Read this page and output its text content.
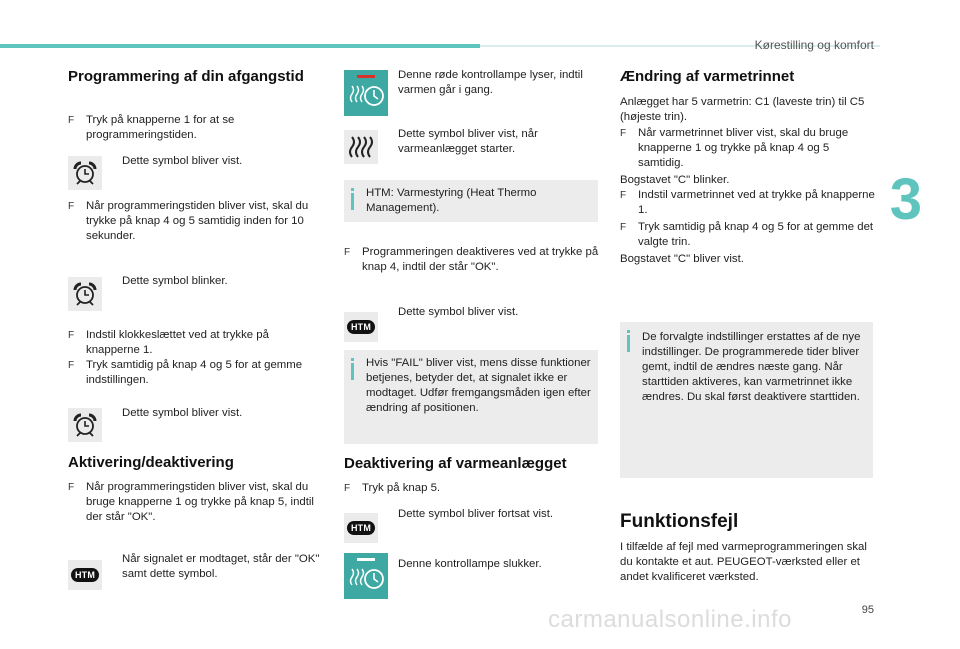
Kørestilling og komfort
3
95
carmanualsonline.info
Programmering af din afgangstid
F Tryk på knapperne 1 for at se programmeringstiden.
Dette symbol bliver vist.
F Når programmeringstiden bliver vist, skal du trykke på knap 4 og 5 samtidig inden for 10 sekunder.
Dette symbol blinker.
F Indstil klokkeslættet ved at trykke på knapperne 1.
F Tryk samtidig på knap 4 og 5 for at gemme indstillingen.
Dette symbol bliver vist.
Aktivering/deaktivering
F Når programmeringstiden bliver vist, skal du bruge knapperne 1 og trykke på knap 5, indtil der står "OK".
HTM
Når signalet er modtaget, står der "OK" samt dette symbol.
Denne røde kontrollampe lyser, indtil varmen går i gang.
Dette symbol bliver vist, når varmeanlægget starter.
HTM: Varmestyring (Heat Thermo Management).
F Programmeringen deaktiveres ved at trykke på knap 4, indtil der står "OK".
HTM
Dette symbol bliver vist.
Hvis "FAIL" bliver vist, mens disse funktioner betjenes, betyder det, at signalet ikke er modtaget. Udfør fremgangsmåden igen efter ændring af positionen.
Deaktivering af varmeanlægget
F Tryk på knap 5.
HTM
Dette symbol bliver fortsat vist.
Denne kontrollampe slukker.
Ændring af varmetrinnet
Anlægget har 5 varmetrin: C1 (laveste trin) til C5 (højeste trin).
F Når varmetrinnet bliver vist, skal du bruge knapperne 1 og trykke på knap 4 og 5 samtidig.
Bogstavet "C" blinker.
F Indstil varmetrinnet ved at trykke på knapperne 1.
F Tryk samtidig på knap 4 og 5 for at gemme det valgte trin.
Bogstavet "C" bliver vist.
De forvalgte indstillinger erstattes af de nye indstillinger. De programmerede tider bliver gemt, indtil de ændres næste gang. Når starttiden aktiveres, kan varmetrinnet ikke ændres. Du skal først deaktivere starttiden.
Funktionsfejl
I tilfælde af fejl med varmeprogrammeringen skal du kontakte et aut. PEUGEOT-værksted eller et andet kvalificeret værksted.
